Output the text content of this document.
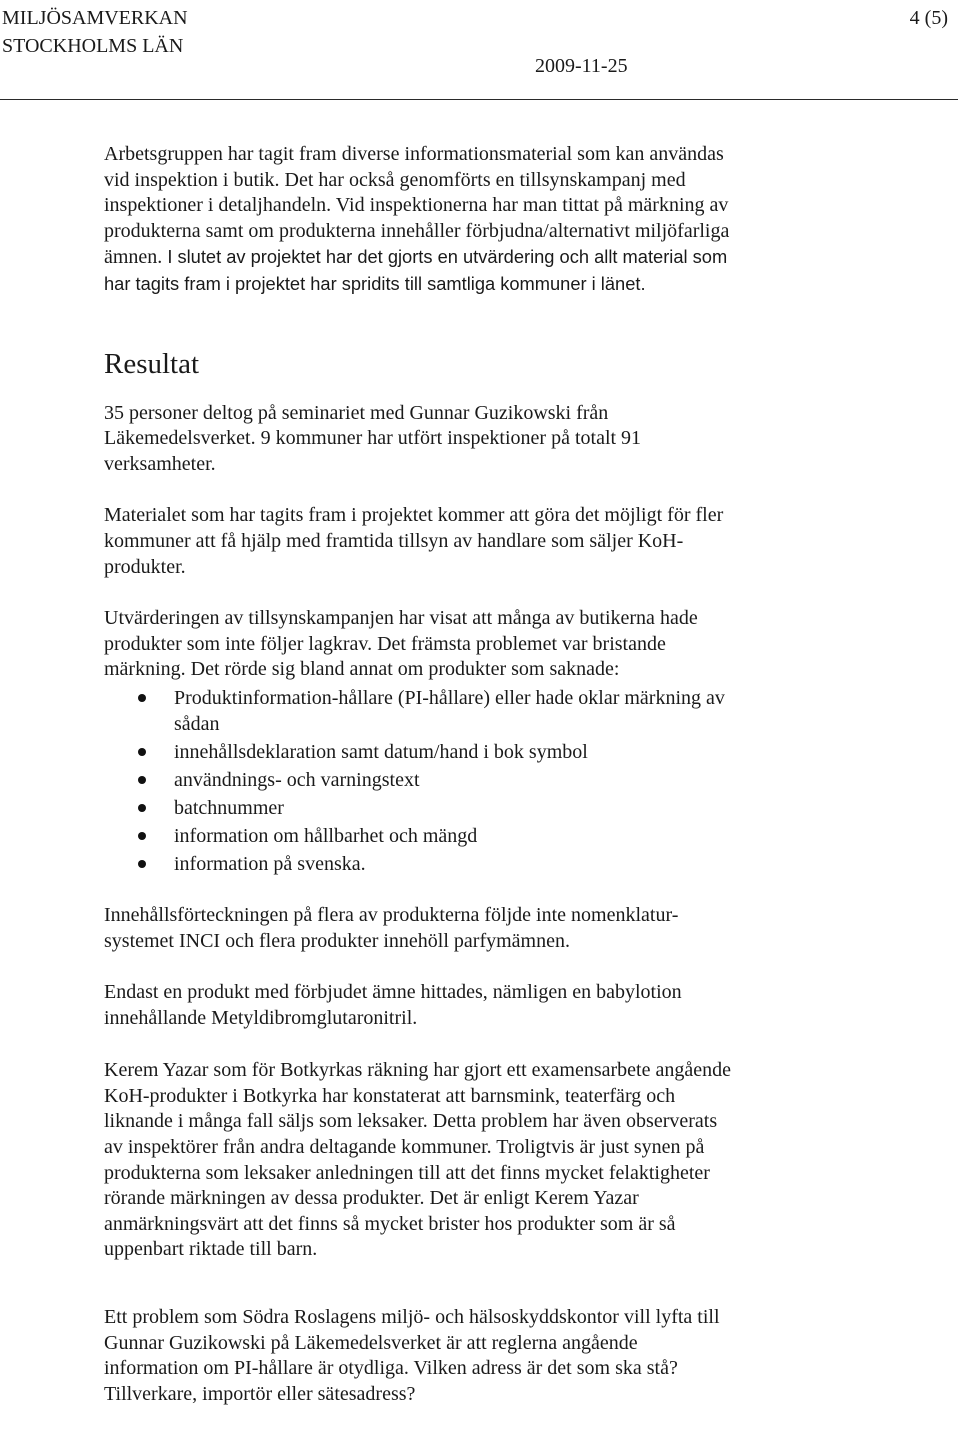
MILJÖSAMVERKAN
STOCKHOLMS LÄN
4 (5)
2009-11-25

Arbetsgruppen har tagit fram diverse informationsmaterial som kan användas

vid inspektion i butik. Det har också genomförts en tillsynskampanj med

inspektioner i detaljhandeln. Vid inspektionerna har man tittat på märkning av

produkterna samt om produkterna innehåller förbjudna/alternativt miljöfarliga

ämnen. I slutet av projektet har det gjorts en utvärdering och allt material som

har tagits fram i projektet har spridits till samtliga kommuner i länet.

Resultat

35 personer deltog på seminariet med Gunnar Guzikowski från

Läkemedelsverket. 9 kommuner har utfört inspektioner på totalt 91

verksamheter.

Materialet som har tagits fram i projektet kommer att göra det möjligt för fler

kommuner att få hjälp med framtida tillsyn av handlare som säljer KoH-

produkter.

Utvärderingen av tillsynskampanjen har visat att många av butikerna hade

produkter som inte följer lagkrav. Det främsta problemet var bristande

märkning. Det rörde sig bland annat om produkter som saknade:

Produktinformation-hållare (PI-hållare) eller hade oklar märkning av
sådan
innehållsdeklaration samt datum/hand i bok symbol
användnings- och varningstext
batchnummer
information om hållbarhet och mängd
information på svenska.

Innehållsförteckningen på flera av produkterna följde inte nomenklatur-

systemet INCI och flera produkter innehöll parfymämnen.

Endast en produkt med förbjudet ämne hittades, nämligen en babylotion

innehållande Metyldibromglutaronitril.

Kerem Yazar som för Botkyrkas räkning har gjort ett examensarbete angående

KoH-produkter i Botkyrka har konstaterat att barnsmink, teaterfärg och

liknande i många fall säljs som leksaker. Detta problem har även observerats

av inspektörer från andra deltagande kommuner. Troligtvis är just synen på

produkterna som leksaker anledningen till att det finns mycket felaktigheter

rörande märkningen av dessa produkter. Det är enligt Kerem Yazar

anmärkningsvärt att det finns så mycket brister hos produkter som är så

uppenbart riktade till barn.

Ett problem som Södra Roslagens miljö- och hälsoskyddskontor vill lyfta till

Gunnar Guzikowski på Läkemedelsverket är att reglerna angående

information om PI-hållare är otydliga. Vilken adress är det som ska stå?

Tillverkare, importör eller sätesadress?
